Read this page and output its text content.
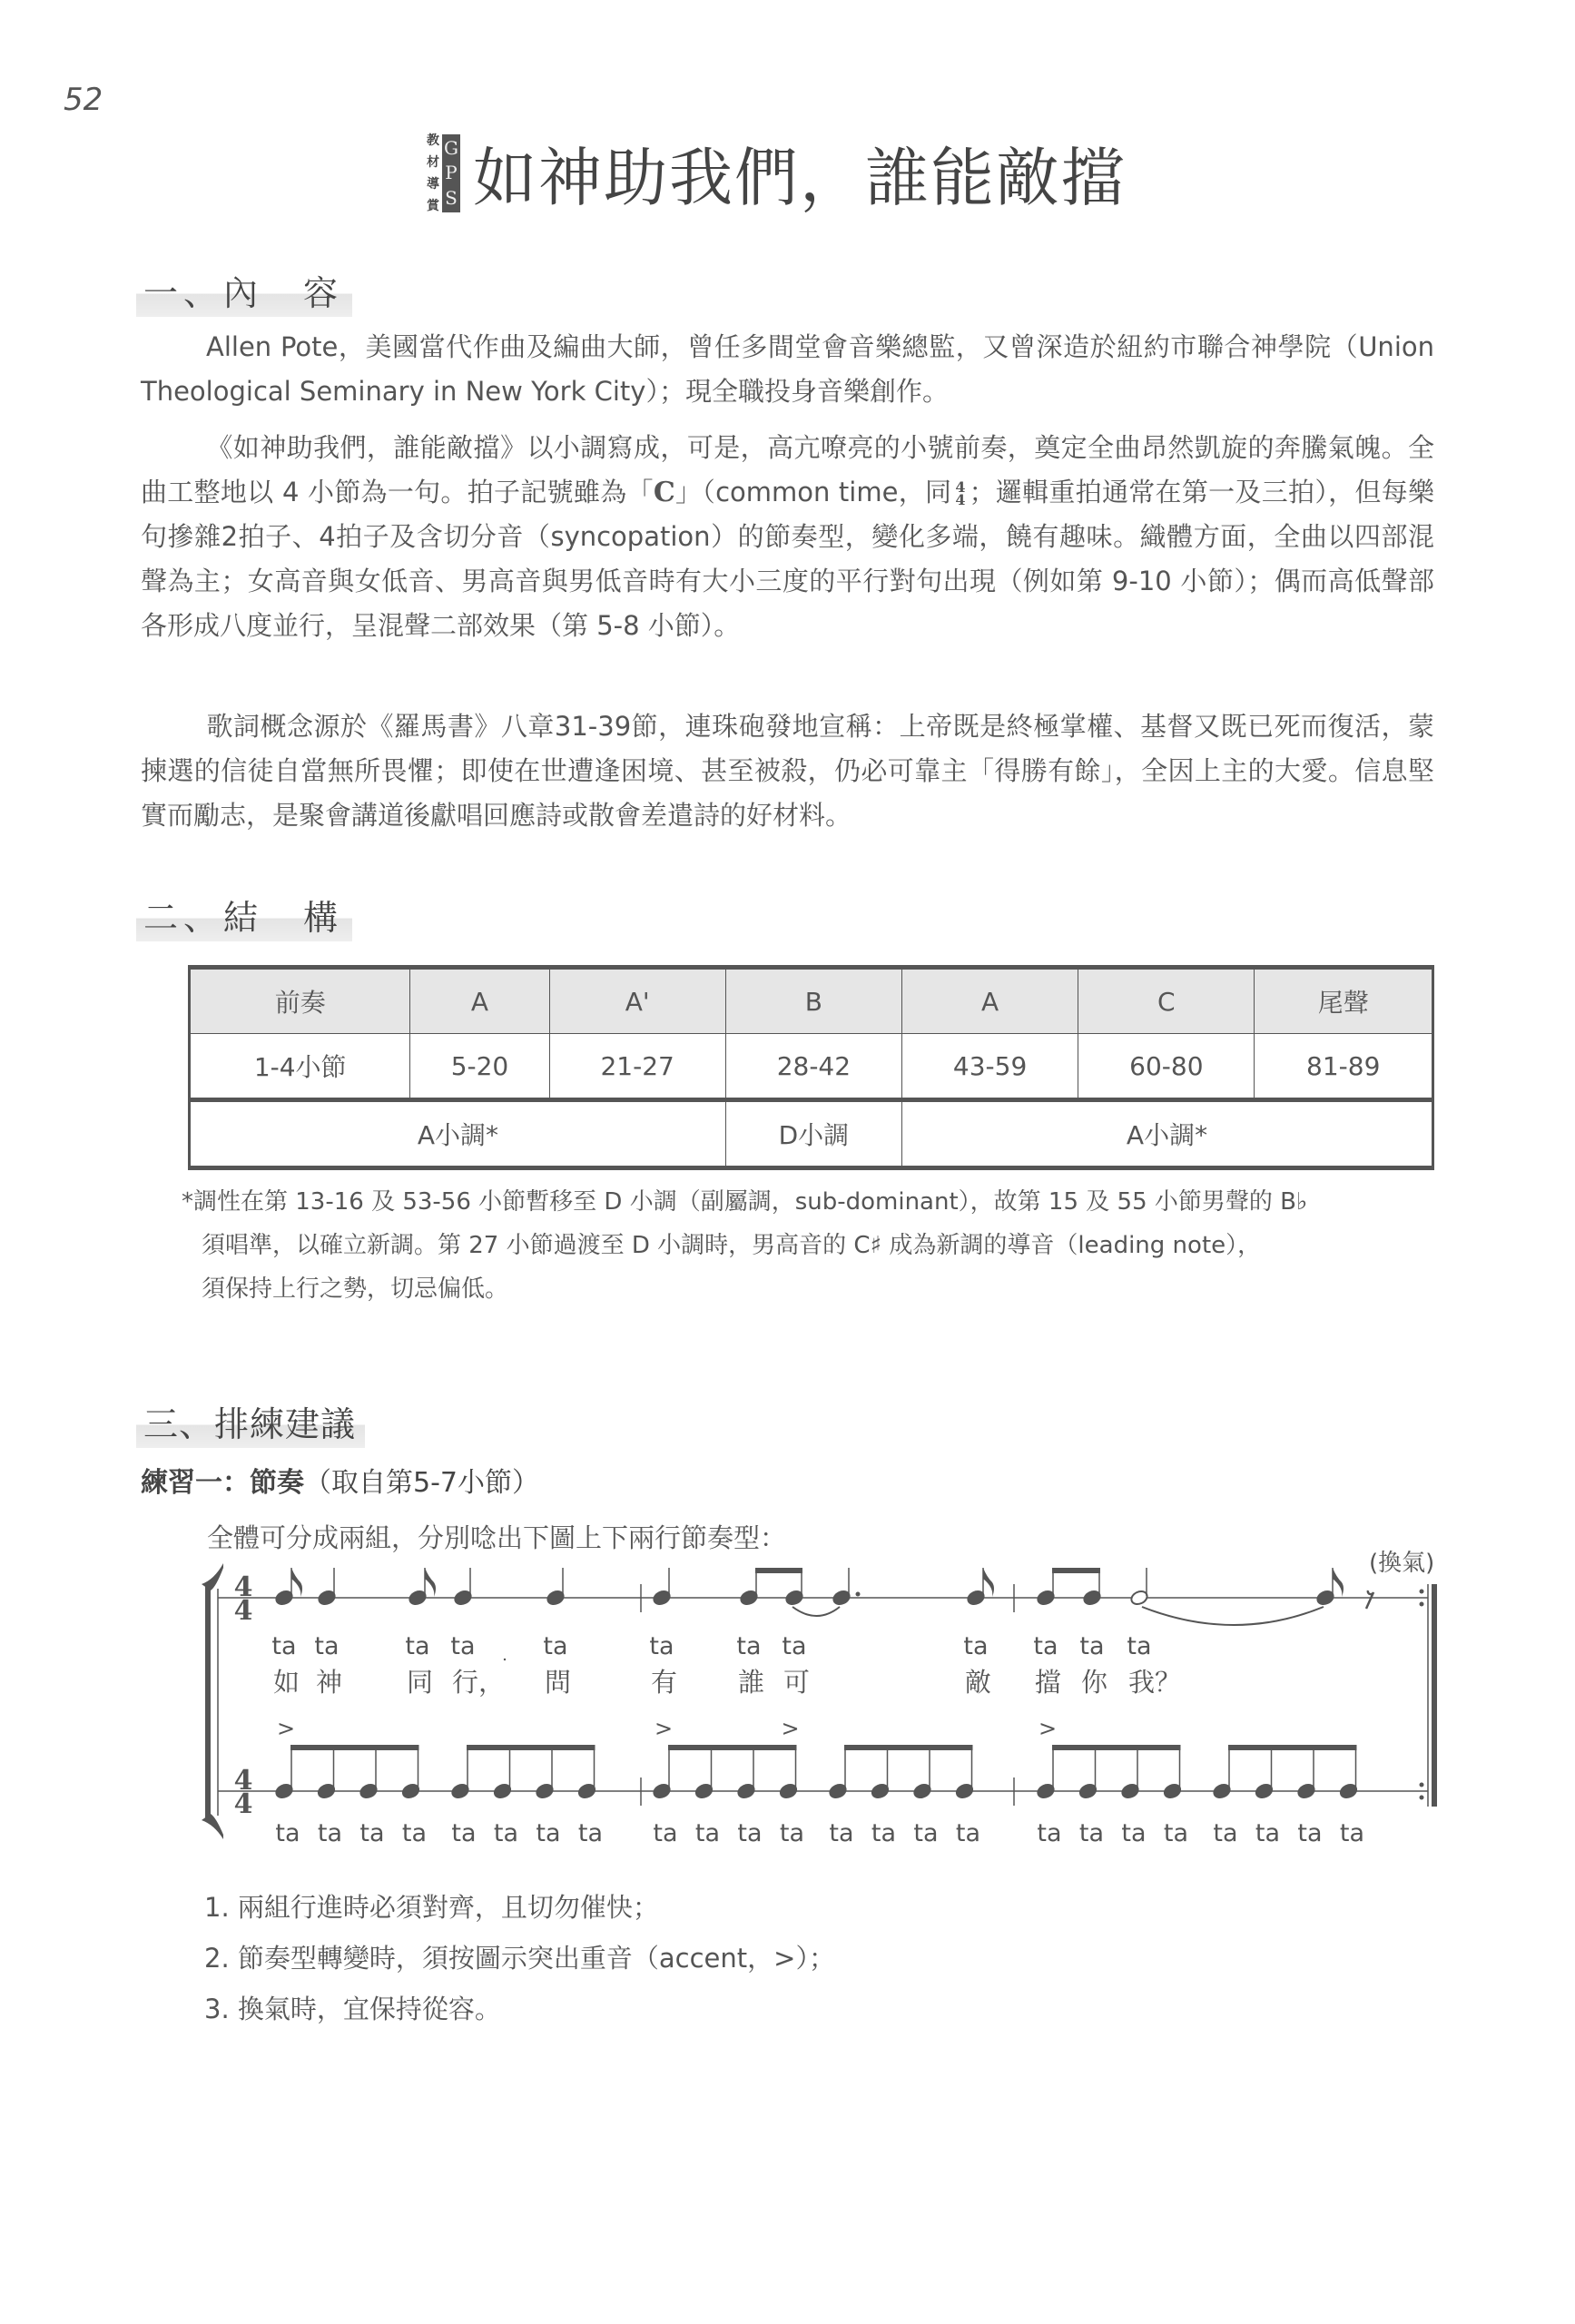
52
教
材
導
賞
G
P
S 如神助我們，誰能敵擋
一、內　容
Allen Pote，美國當代作曲及編曲大師，曾任多間堂會音樂總監，又曾深造於紐約市聯合神學院（Union Theological Seminary in New York City）；現全職投身音樂創作。
《如神助我們，誰能敵擋》以小調寫成，可是，高亢嘹亮的小號前奏，奠定全曲昂然凱旋的奔騰氣魄。全曲工整地以 4 小節為一句。拍子記號雖為「C」（common time，同 4
4 ；邏輯重拍通常在第一及三拍），但每樂句摻雜2拍子、4拍子及含切分音（syncopation）的節奏型，變化多端，饒有趣味。織體方面，全曲以四部混聲為主；女高音與女低音、男高音與男低音時有大小三度的平行對句出現（例如第 9-10 小節）；偶而高低聲部各形成八度並行，呈混聲二部效果（第 5-8 小節）。
歌詞概念源於《羅馬書》八章31-39節，連珠砲發地宣稱：上帝既是終極掌權、基督又既已死而復活，蒙揀選的信徒自當無所畏懼；即使在世遭逢困境、甚至被殺，仍必可靠主「得勝有餘」，全因上主的大愛。信息堅實而勵志，是聚會講道後獻唱回應詩或散會差遣詩的好材料。
二、結　構
前奏	A	A'	B	A	C	尾聲
1-4小節	5-20	21-27	28-42	43-59	60-80	81-89
A小調*			D小調	A小調*		
*調性在第 13-16 及 53-56 小節暫移至 D 小調（副屬調，sub-dominant），故第 15 及 55 小節男聲的 B♭
須唱準，以確立新調。第 27 小節過渡至 D 小調時，男高音的 C♯ 成為新調的導音（leading note），
須保持上行之勢，切忌偏低。
三、排練建議
練習一：節奏（取自第5-7小節）
全體可分成兩組，分別唸出下圖上下兩行節奏型：
ta
如
ta
神
ta
同
ta
行，
ta
問
ta
有
ta
誰
ta
可
ta
敵
ta
擋
ta
你
ta
我？
ta ta ta ta ta ta ta ta
>
ta ta ta ta ta ta ta ta
>	>
ta ta ta ta ta ta ta ta
>
4
4
4
4
(換氣)
1. 兩組行進時必須對齊，且切勿催快；
2. 節奏型轉變時，須按圖示突出重音（accent，>）；
3. 換氣時，宜保持從容。
